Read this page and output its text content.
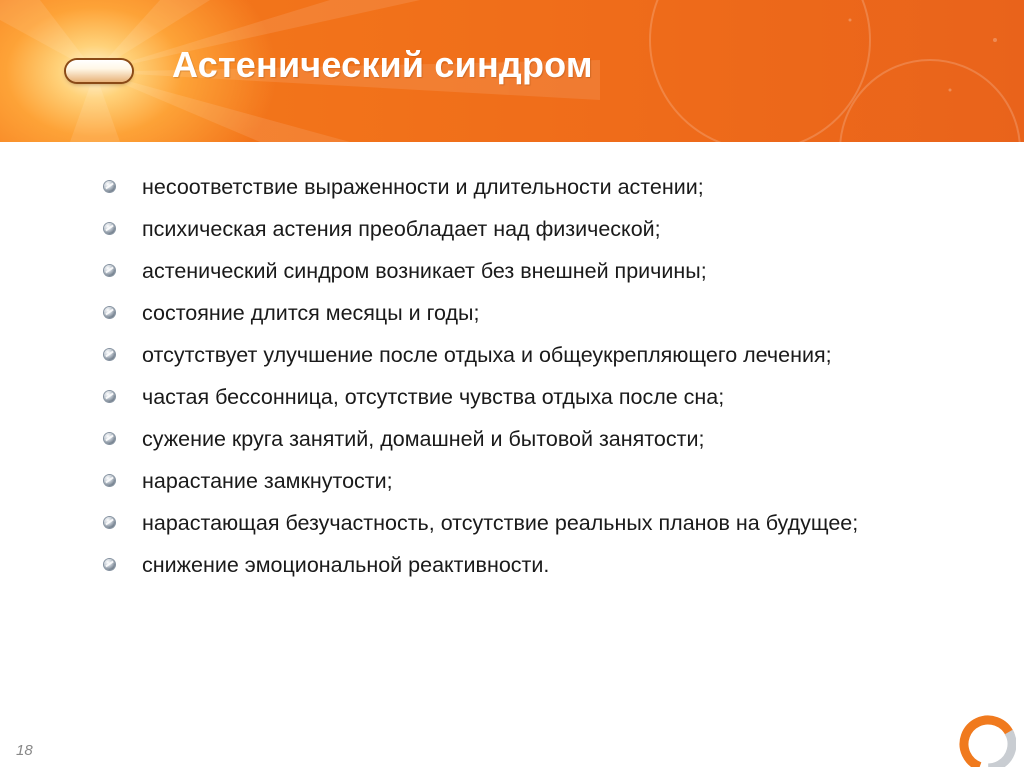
Астенический синдром
несоответствие выраженности и длительности астении;
психическая астения преобладает над физической;
астенический синдром возникает без внешней причины;
состояние длится месяцы и годы;
отсутствует улучшение после отдыха и общеукрепляющего лечения;
частая бессонница, отсутствие чувства отдыха после сна;
сужение круга занятий, домашней и бытовой занятости;
нарастание замкнутости;
нарастающая безучастность, отсутствие реальных планов на будущее;
снижение эмоциональной реактивности.
18
